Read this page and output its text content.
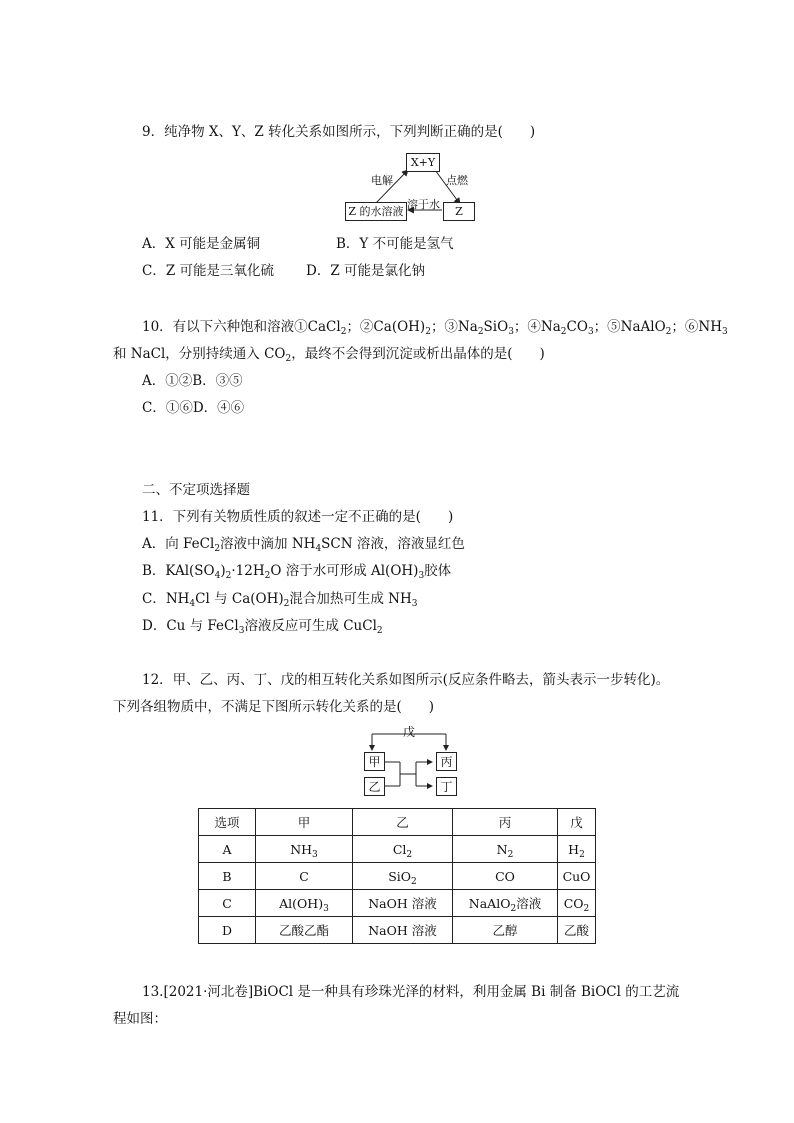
9．纯净物 X、Y、Z 转化关系如图所示，下列判断正确的是(　　)
X+Y
Z 的水溶液	Z
电解	点燃
溶于水
A．X 可能是金属铜	B．Y 不可能是氢气
C．Z 可能是三氧化硫 D．Z 可能是氯化钠
10．有以下六种饱和溶液①CaCl$_2$；$②Ca(OH)_2$；$③Na_2SiO_3$；$④Na_2CO_3$；⑤NaAlO$_2$；$⑥NH_3$
和 NaCl，分别持续通入 $CO_2$，最终不会得到沉淀或析出晶体的是(　　)
A．①②B．③⑤
C．①⑥D．④⑥
二、不定项选择题
11．下列有关物质性质的叙述一定不正确的是(　　)
A．向 FeCl$_2$溶液中滴加 $NH_4SCN$ 溶液，溶液显红色
B．$KAl(SO_4)_2\cdot 12H_2O$ 溶于水可形成 $Al(OH)_3$胶体
C．$NH_4Cl$ 与 $Ca(OH)_2$混合加热可生成 $NH_3$
D．Cu 与 FeCl$_3$溶液反应可生成 CuCl$_2$
12．甲、乙、丙、丁、戊的相互转化关系如图所示(反应条件略去，箭头表示一步转化)。
下列各组物质中，不满足下图所示转化关系的是(　　)
戊
甲
乙
丙
丁
选项	甲	乙	丙	戊
A	$NH_3$	$Cl_2$	$N_2$	$H_2$
B	C	SiO$_2$	CO	CuO
C	$Al(OH)_3$	NaOH 溶液	NaAlO$_2$溶液	$CO_2$
D	乙酸乙酯	NaOH 溶液	乙醇	乙酸
13.[2021·河北卷]BiOCl 是一种具有珍珠光泽的材料，利用金属 Bi 制备 BiOCl 的工艺流
程如图：
